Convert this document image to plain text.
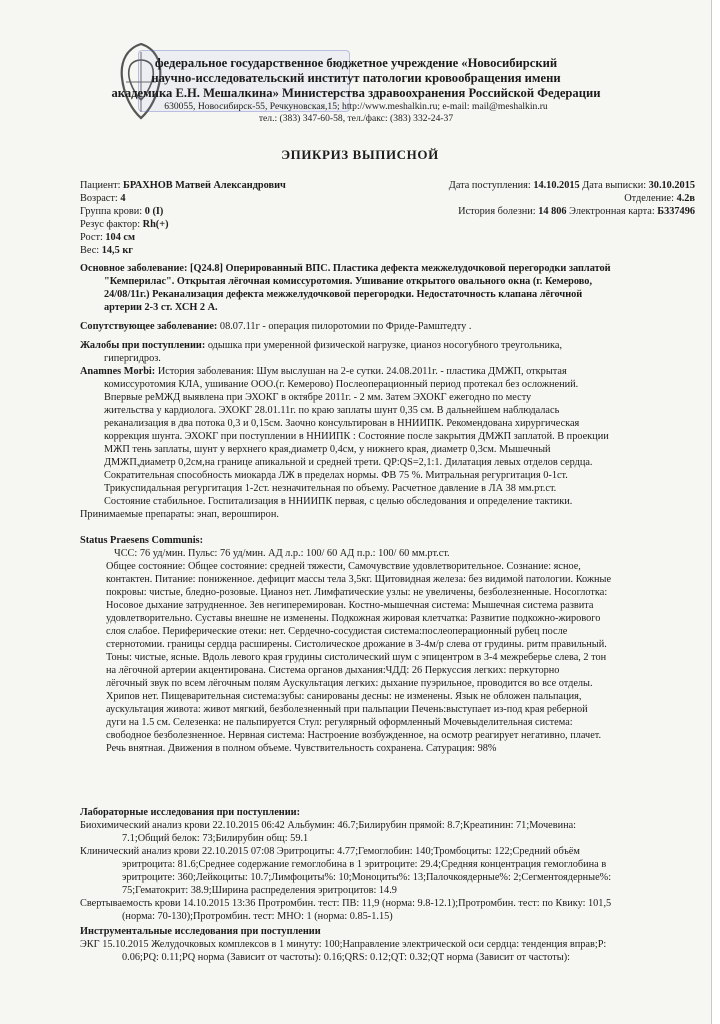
федеральное государственное бюджетное учреждение «Новосибирский
научно-исследовательский институт патологии кровообращения имени
академика Е.Н. Мешалкина» Министерства здравоохранения Российской Федерации
630055, Новосибирск-55, Речкуновская,15; http://www.meshalkin.ru; e-mail: mail@meshalkin.ru
тел.: (383) 347-60-58, тел./факс: (383) 332-24-37
ЭПИКРИЗ ВЫПИСНОЙ
Пациент: БРАХНОВ Матвей Александрович
Возраст: 4
Группа крови: 0 (I)
Резус фактор: Rh(+)
Рост: 104 см
Вес: 14,5 кг
Дата поступления: 14.10.2015 Дата выписки: 30.10.2015
Отделение: 4.2в
История болезни: 14 806 Электронная карта: Б337496
Основное заболевание: [Q24.8] Оперированный ВПС. Пластика дефекта межжелудочковой перегородки заплатой
"Кемперилас". Открытая лёгочная комиссуротомия. Ушивание открытого овального окна (г. Кемерово,
24/08/11г.) Реканализация дефекта межжелудочковой перегородки. Недостаточность клапана лёгочной
артерии 2-3 ст. ХСН 2 А.
Сопутствующее заболевание: 08.07.11г - операция пилоротомии по Фриде-Рамштедту .
Жалобы при поступлении: одышка при умеренной физической нагрузке, цианоз носогубного треугольника,
гипергидроз.
Anamnes Morbi: История заболевания: Шум выслушан на 2-е сутки. 24.08.2011г. - пластика ДМЖП, открытая
комиссуротомия КЛА, ушивание ООО.(г. Кемерово) Послеоперационный период протекал без осложнений.
Впервые реМЖД выявлена при ЭХОКГ в октябре 2011г. - 2 мм. Затем ЭХОКГ ежегодно по месту
жительства у кардиолога. ЭХОКГ 28.01.11г. по краю заплаты шунт 0,35 см. В дальнейшем наблюдалась
реканализация в два потока 0,3 и 0,15см. Заочно консультирован в ННИИПК. Рекомендована хирургическая
коррекция шунта. ЭХОКГ при поступлении в ННИИПК : Состояние после закрытия ДМЖП заплатой. В проекции
МЖП тень заплаты, шунт у верхнего края,диаметр 0,4см, у нижнего края, диаметр 0,3см. Мышечный
ДМЖП,диаметр 0,2см,на границе апикальной и средней трети. QP:QS=2,1:1. Дилатация левых отделов сердца.
Сократительная способность миокарда ЛЖ в пределах нормы. ФВ 75 %. Митральная регургитация 0-1ст.
Трикуспидальная регургитация 1-2ст. незначительная по объему. Расчетное давление в ЛА 38 мм.рт.ст.
Состояние стабильное. Госпитализация в ННИИПК первая, с целью обследования и определение тактики.
Принимаемые препараты: энап, верошпирон.
Status Praesens Communis:
ЧСС: 76 уд/мин. Пульс: 76 уд/мин. АД л.р.: 100/ 60 АД п.р.: 100/ 60 мм.рт.ст.
Общее состояние: Общее состояние: средней тяжести, Самочувствие удовлетворительное. Сознание: ясное,
контактен. Питание: пониженное. дефицит массы тела 3,5кг. Щитовидная железа: без видимой патологии. Кожные
покровы: чистые, бледно-розовые. Цианоз нет. Лимфатические узлы: не увеличены, безболезненные. Носоглотка:
Носовое дыхание затрудненное. Зев негиперемирован. Костно-мышечная система: Мышечная система развита
удовлетворительно. Суставы внешне не изменены. Подкожная жировая клетчатка: Развитие подкожно-жирового
слоя слабое. Периферические отеки: нет. Сердечно-сосудистая система:послеоперационный рубец после
стернотомии. границы сердца расширены. Систолическое дрожание в 3-4м/р слева от грудины. ритм правильный.
Тоны: чистые, ясные. Вдоль левого края грудины систолический шум с эпицентром в 3-4 межреберье слева, 2 тон
на лёгочной артерии акцентирована. Система органов дыхания:ЧДД: 26 Перкуссия легких: перкуторно
лёгочный звук по всем лёгочным полям Аускультация легких: дыхание пуэрильное, проводится во все отделы.
Хрипов нет. Пищеварительная система:зубы: санированы десны: не изменены. Язык не обложен пальпация,
аускультация живота: живот мягкий, безболезненный при пальпации Печень:выступает из-под края реберной
дуги на 1.5 см. Селезенка: не пальпируется Стул: регулярный оформленный Мочевыделительная система:
свободное безболезненное. Нервная система: Настроение возбужденное, на осмотр реагирует негативно, плачет.
Речь внятная. Движения в полном объеме. Чувствительность сохранена. Сатурация: 98%
Лабораторные исследования при поступлении:
Биохимический анализ крови 22.10.2015 06:42 Альбумин: 46.7;Билирубин прямой: 8.7;Креатинин: 71;Мочевина:
7.1;Общий белок: 73;Билирубин общ: 59.1
Клинический анализ крови 22.10.2015 07:08 Эритроциты: 4.77;Гемоглобин: 140;Тромбоциты: 122;Средний объём
эритроцита: 81.6;Среднее содержание гемоглобина в 1 эритроците: 29.4;Средняя концентрация гемоглобина в
эритроците: 360;Лейкоциты: 10.7;Лимфоциты%: 10;Моноциты%: 13;Палочкоядерные%: 2;Сегментоядерные%:
75;Гематокрит: 38.9;Ширина распределения эритроцитов: 14.9
Свертываемость крови 14.10.2015 13:36 Протромбин. тест: ПВ: 11,9 (норма: 9.8-12.1);Протромбин. тест: по Квику: 101,5
(норма: 70-130);Протромбин. тест: МНО: 1 (норма: 0.85-1.15)
Инструментальные исследования при поступлении
ЭКГ 15.10.2015 Желудочковых комплексов в 1 минуту: 100;Направление электрической оси сердца: тенденция вправ;P:
0.06;PQ: 0.11;PQ норма (Зависит от частоты): 0.16;QRS: 0.12;QT: 0.32;QT норма (Зависит от частоты):
